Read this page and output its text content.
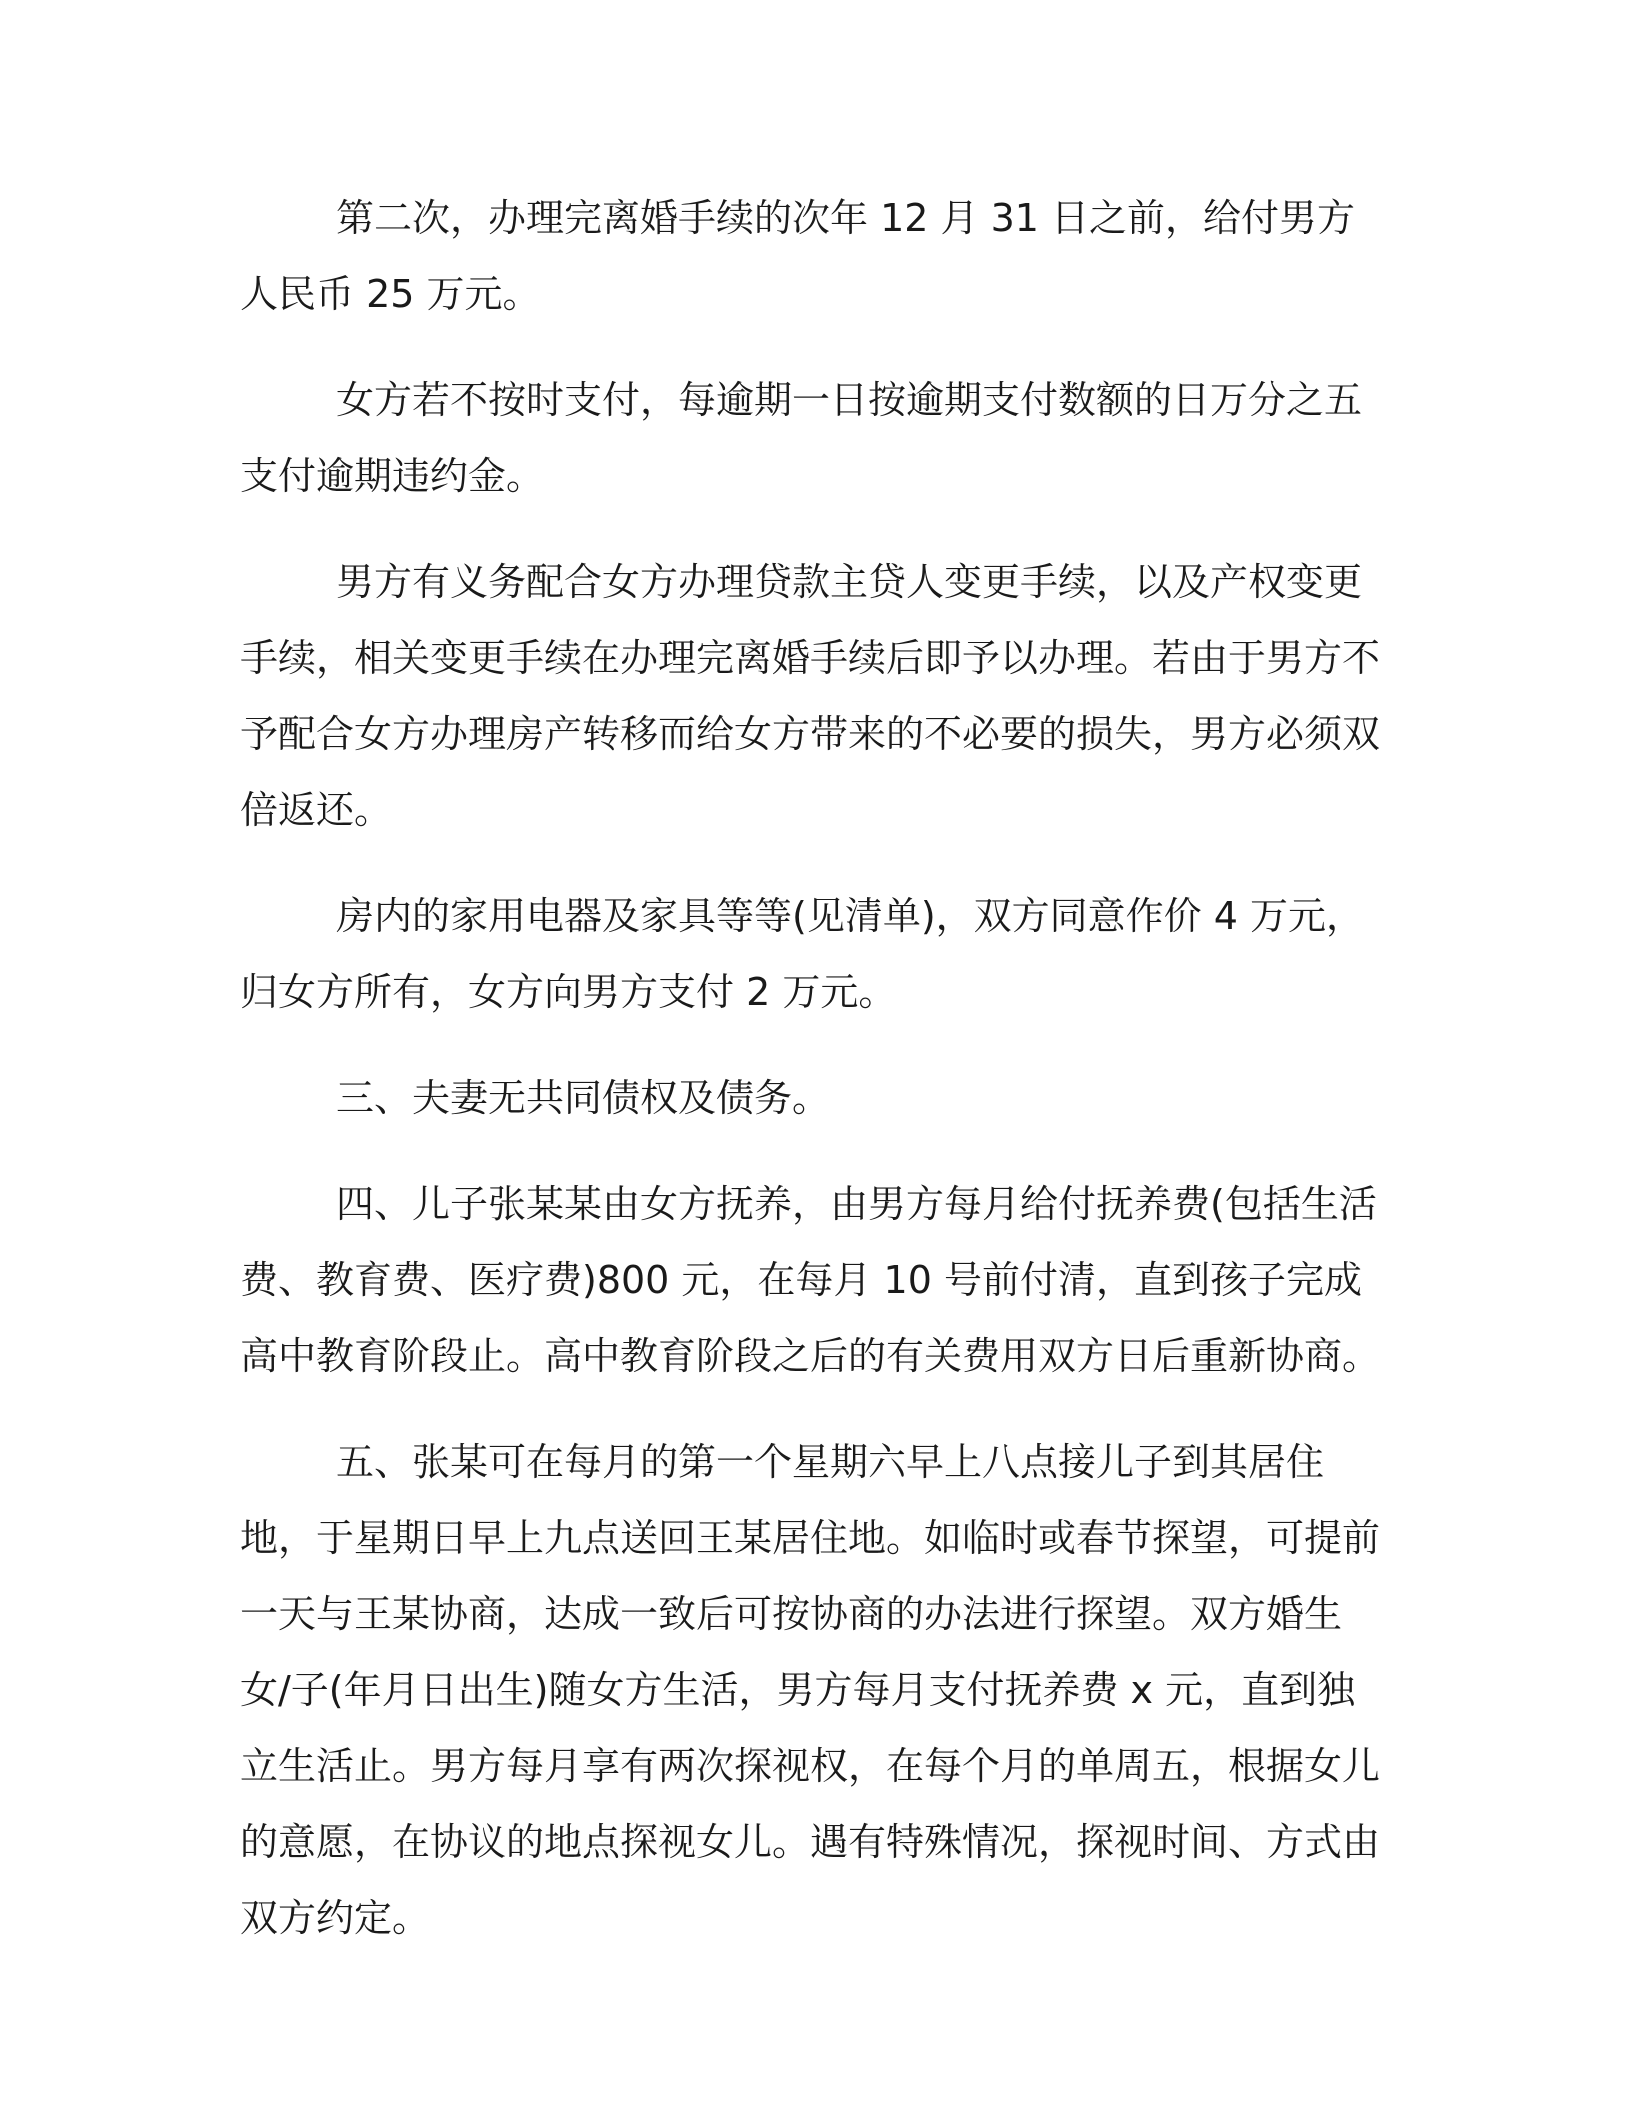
第二次，办理完离婚手续的次年 12 月 31 日之前，给付男方人民币 25 万元。

女方若不按时支付，每逾期一日按逾期支付数额的日万分之五支付逾期违约金。

男方有义务配合女方办理贷款主贷人变更手续，以及产权变更手续，相关变更手续在办理完离婚手续后即予以办理。若由于男方不予配合女方办理房产转移而给女方带来的不必要的损失，男方必须双倍返还。

房内的家用电器及家具等等(见清单)，双方同意作价 4 万元，归女方所有，女方向男方支付 2 万元。

三、夫妻无共同债权及债务。

四、儿子张某某由女方抚养，由男方每月给付抚养费(包括生活费、教育费、医疗费)800 元，在每月 10 号前付清，直到孩子完成高中教育阶段止。高中教育阶段之后的有关费用双方日后重新协商。

五、张某可在每月的第一个星期六早上八点接儿子到其居住地，于星期日早上九点送回王某居住地。如临时或春节探望，可提前一天与王某协商，达成一致后可按协商的办法进行探望。双方婚生女/子(年月日出生)随女方生活，男方每月支付抚养费 x 元，直到独立生活止。男方每月享有两次探视权，在每个月的单周五，根据女儿的意愿，在协议的地点探视女儿。遇有特殊情况，探视时间、方式由双方约定。
